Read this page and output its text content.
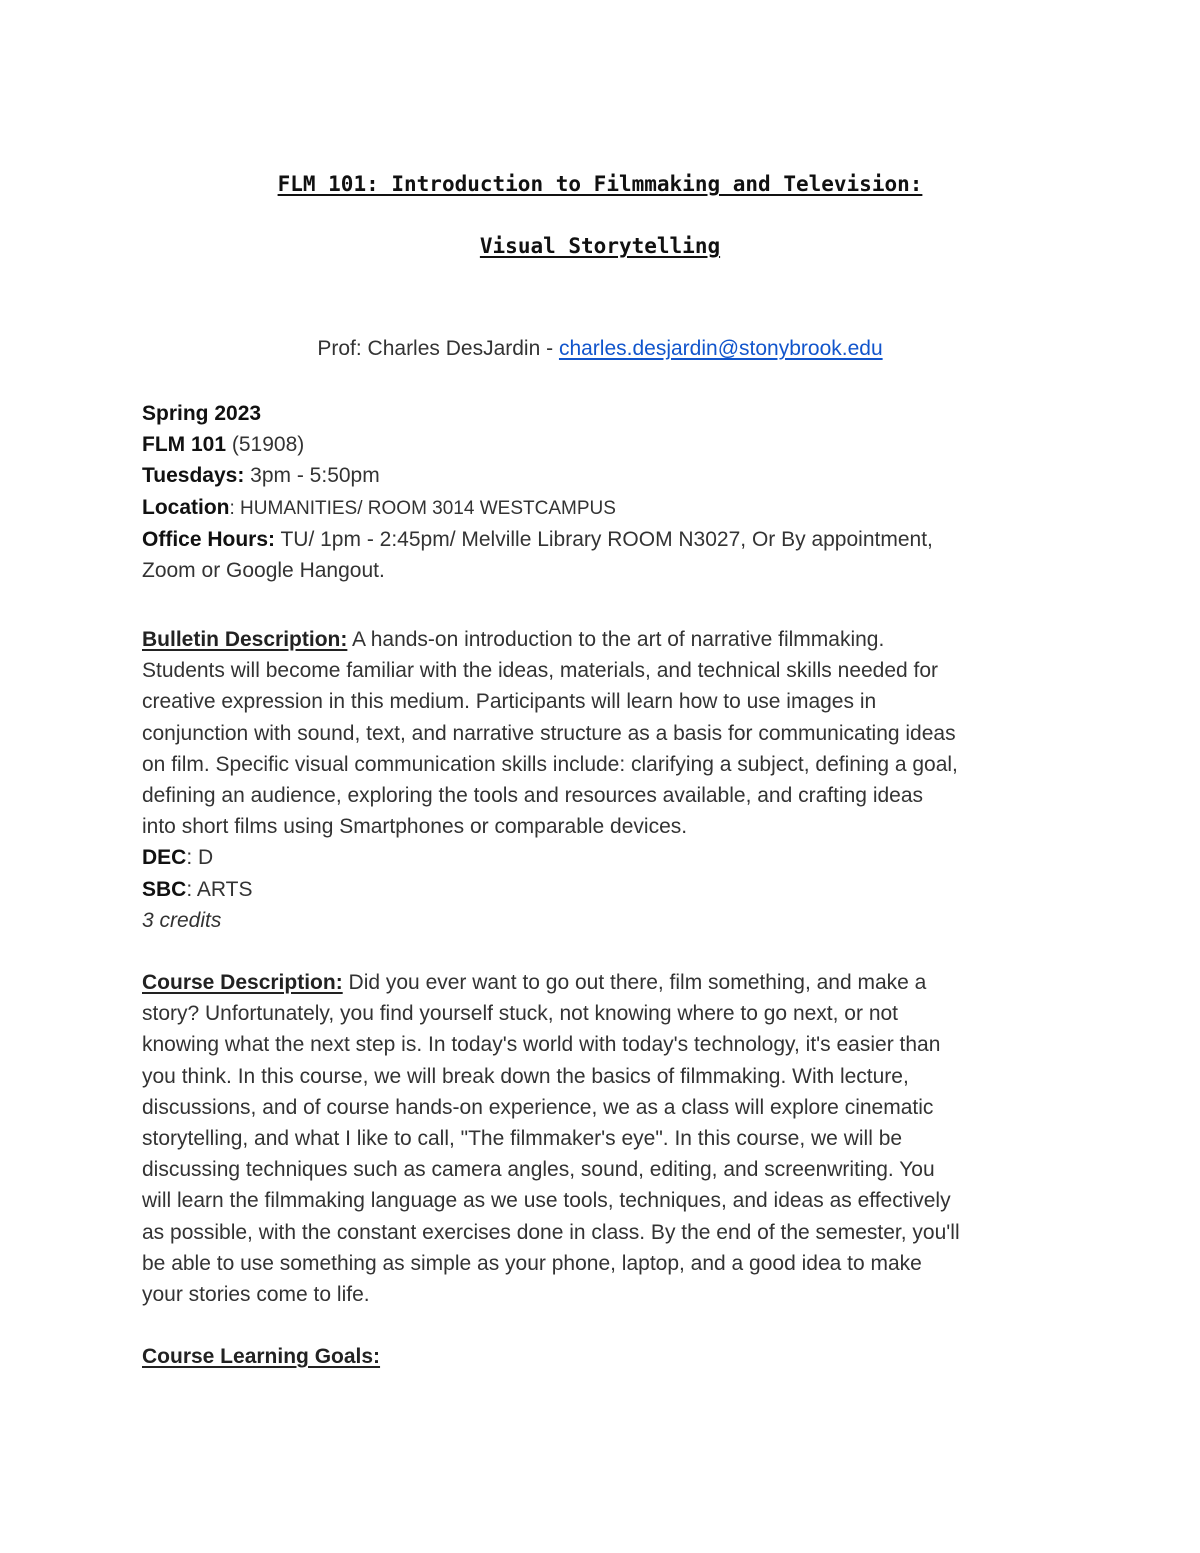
FLM 101: Introduction to Filmmaking and Television:
Visual Storytelling
Prof: Charles DesJardin - charles.desjardin@stonybrook.edu
Spring 2023
FLM 101 (51908)
Tuesdays: 3pm - 5:50pm
Location: HUMANITIES/ ROOM 3014 WESTCAMPUS
Office Hours: TU/ 1pm - 2:45pm/ Melville Library ROOM N3027, Or By appointment,
Zoom or Google Hangout.
Bulletin Description: A hands-on introduction to the art of narrative filmmaking.
Students will become familiar with the ideas, materials, and technical skills needed for
creative expression in this medium. Participants will learn how to use images in
conjunction with sound, text, and narrative structure as a basis for communicating ideas
on film. Specific visual communication skills include: clarifying a subject, defining a goal,
defining an audience, exploring the tools and resources available, and crafting ideas
into short films using Smartphones or comparable devices.
DEC: D
SBC: ARTS
3 credits
Course Description: Did you ever want to go out there, film something, and make a
story? Unfortunately, you find yourself stuck, not knowing where to go next, or not
knowing what the next step is. In today's world with today's technology, it's easier than
you think. In this course, we will break down the basics of filmmaking. With lecture,
discussions, and of course hands-on experience, we as a class will explore cinematic
storytelling, and what I like to call, "The filmmaker's eye". In this course, we will be
discussing techniques such as camera angles, sound, editing, and screenwriting. You
will learn the filmmaking language as we use tools, techniques, and ideas as effectively
as possible, with the constant exercises done in class. By the end of the semester, you'll
be able to use something as simple as your phone, laptop, and a good idea to make
your stories come to life.
Course Learning Goals:
